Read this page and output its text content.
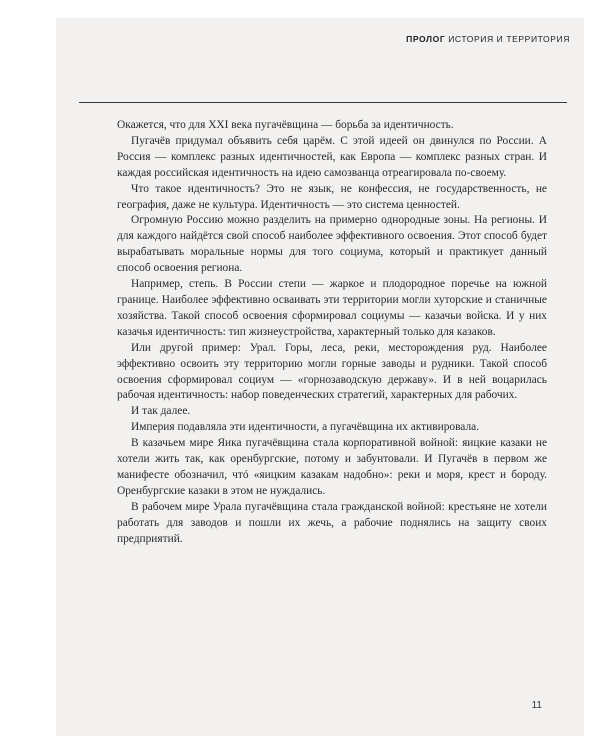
ПРОЛОГ ИСТОРИЯ И ТЕРРИТОРИЯ

Окажется, что для XXI века пугачёвщина — борьба за идентичность.

Пугачёв придумал объявить себя царём. С этой идеей он двинулся по России. А Россия — комплекс разных идентичностей, как Европа — комплекс разных стран. И каждая российская идентичность на идею самозванца отреагировала по-своему.

Что такое идентичность? Это не язык, не конфессия, не государственность, не география, даже не культура. Идентичность — это система ценностей.

Огромную Россию можно разделить на примерно однородные зоны. На регионы. И для каждого найдётся свой способ наиболее эффективного освоения. Этот способ будет вырабатывать моральные нормы для того социума, который и практикует данный способ освоения региона.

Например, степь. В России степи — жаркое и плодородное поречье на южной границе. Наиболее эффективно осваивать эти территории могли хуторские и станичные хозяйства. Такой способ освоения сформировал социумы — казачьи войска. И у них казачья идентичность: тип жизнеустройства, характерный только для казаков.

Или другой пример: Урал. Горы, леса, реки, месторождения руд. Наиболее эффективно освоить эту территорию могли горные заводы и рудники. Такой способ освоения сформировал социум — «горнозаводскую державу». И в ней воцарилась рабочая идентичность: набор поведенческих стратегий, характерных для рабочих.

И так далее.

Империя подавляла эти идентичности, а пугачёвщина их активировала.

В казачьем мире Яика пугачёвщина стала корпоративной войной: яицкие казаки не хотели жить так, как оренбургские, потому и забунтовали. И Пугачёв в первом же манифесте обозначил, чтó «яицким казакам надобно»: реки и моря, крест и бороду. Оренбургские казаки в этом не нуждались.

В рабочем мире Урала пугачёвщина стала гражданской войной: крестьяне не хотели работать для заводов и пошли их жечь, а рабочие поднялись на защиту своих предприятий.

11
